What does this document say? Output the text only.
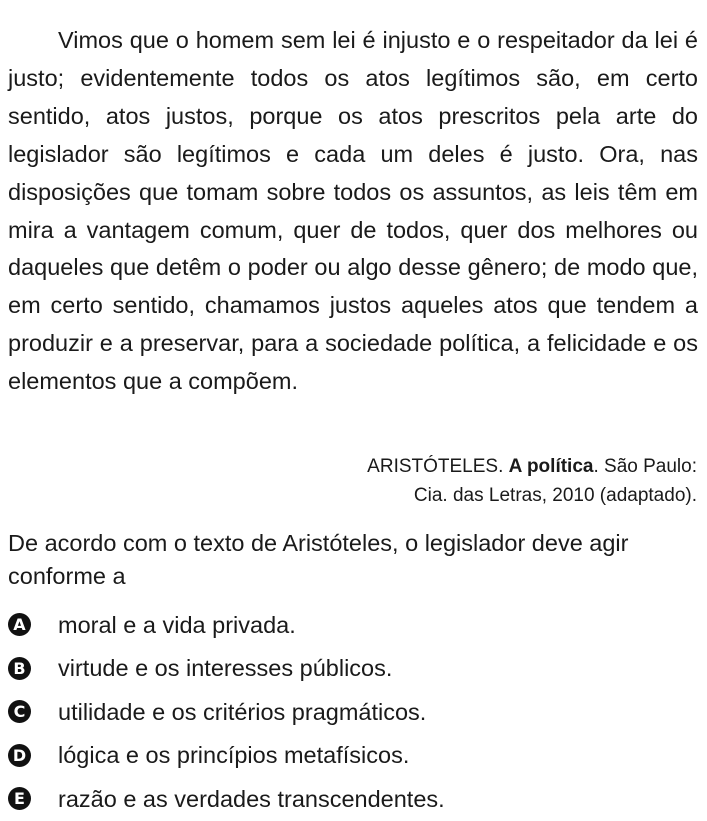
Vimos que o homem sem lei é injusto e o respeitador da lei é justo; evidentemente todos os atos legítimos são, em certo sentido, atos justos, porque os atos prescritos pela arte do legislador são legítimos e cada um deles é justo. Ora, nas disposições que tomam sobre todos os assuntos, as leis têm em mira a vantagem comum, quer de todos, quer dos melhores ou daqueles que detêm o poder ou algo desse gênero; de modo que, em certo sentido, chamamos justos aqueles atos que tendem a produzir e a preservar, para a sociedade política, a felicidade e os elementos que a compõem.

ARISTÓTELES. A política. São Paulo:
Cia. das Letras, 2010 (adaptado).

De acordo com o texto de Aristóteles, o legislador deve agir conforme a

A moral e a vida privada.
B virtude e os interesses públicos.
C utilidade e os critérios pragmáticos.
D lógica e os princípios metafísicos.
E razão e as verdades transcendentes.
